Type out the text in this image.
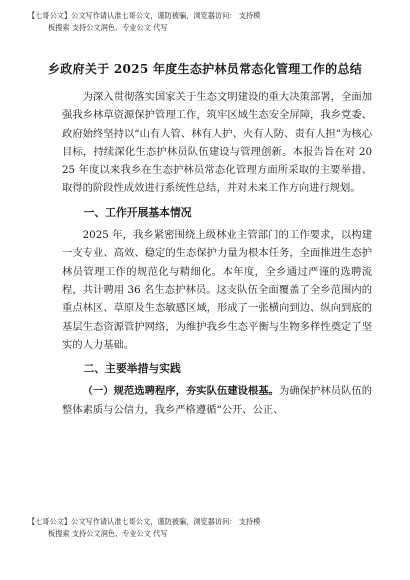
【七哥公文】公文写作请认准七哥公文，谨防被骗，浏览器访问： 支持模
板搜索 支持公文润色、专业公文 代写
乡政府关于 2025 年度生态护林员常态化管理工作的总结

为深入贯彻落实国家关于生态文明建设的重大决策部署，全面加强我乡林草资源保护管理工作，筑牢区域生态安全屏障，我乡党委、政府始终坚持以“山有人管、林有人护、火有人防、责有人担”为核心目标，持续深化生态护林员队伍建设与管理创新。本报告旨在对 2025 年度以来我乡在生态护林员常态化管理方面所采取的主要举措、取得的阶段性成效进行系统性总结，并对未来工作方向进行规划。

一、工作开展基本情况

2025 年，我乡紧密围绕上级林业主管部门的工作要求，以构建一支专业、高效、稳定的生态保护力量为根本任务，全面推进生态护林员管理工作的规范化与精细化。本年度，全乡通过严谨的选聘流程，共计聘用 36 名生态护林员。这支队伍全面覆盖了全乡范围内的重点林区、草原及生态敏感区域，形成了一张横向到边、纵向到底的基层生态资源管护网络，为维护我乡生态平衡与生物多样性奠定了坚实的人力基础。

二、主要举措与实践

（一）规范选聘程序，夯实队伍建设根基。为确保护林员队伍的整体素质与公信力，我乡严格遵循“公开、公正、

【七哥公文】公文写作请认准七哥公文，谨防被骗，浏览器访问： 支持模
板搜索 支持公文润色、专业公文 代写
